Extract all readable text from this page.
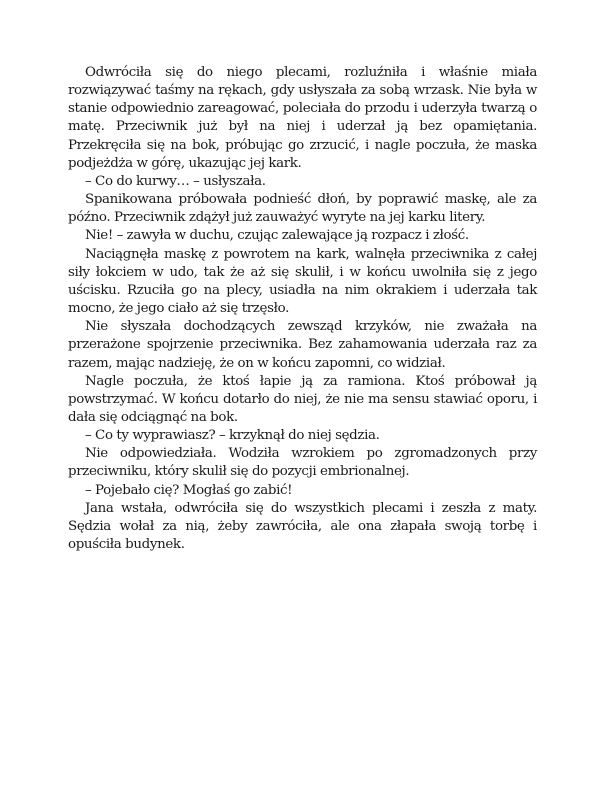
Odwróciła się do niego plecami, rozluźniła i właśnie miała rozwiązywać taśmy na rękach, gdy usłyszała za sobą wrzask. Nie była w stanie odpowiednio zareagować, poleciała do przodu i uderzyła twarzą o matę. Przeciwnik już był na niej i uderzał ją bez opamiętania. Przekręciła się na bok, próbując go zrzucić, i nagle poczuła, że maska podjeżdża w górę, ukazując jej kark.

– Co do kurwy… – usłyszała.

Spanikowana próbowała podnieść dłoń, by poprawić maskę, ale za późno. Przeciwnik zdążył już zauważyć wyryte na jej karku litery.

Nie! – zawyła w duchu, czując zalewające ją rozpacz i złość.

Naciągnęła maskę z powrotem na kark, walnęła przeciwnika z całej siły łokciem w udo, tak że aż się skulił, i w końcu uwolniła się z jego uścisku. Rzuciła go na plecy, usiadła na nim okrakiem i uderzała tak mocno, że jego ciało aż się trzęsło.

Nie słyszała dochodzących zewsząd krzyków, nie zważała na przerażone spojrzenie przeciwnika. Bez zahamowania uderzała raz za razem, mając nadzieję, że on w końcu zapomni, co widział.

Nagle poczuła, że ktoś łapie ją za ramiona. Ktoś próbował ją powstrzymać. W końcu dotarło do niej, że nie ma sensu stawiać oporu, i dała się odciągnąć na bok.

– Co ty wyprawiasz? – krzyknął do niej sędzia.

Nie odpowiedziała. Wodziła wzrokiem po zgromadzonych przy przeciwniku, który skulił się do pozycji embrionalnej.

– Pojebało cię? Mogłaś go zabić!

Jana wstała, odwróciła się do wszystkich plecami i zeszła z maty. Sędzia wołał za nią, żeby zawróciła, ale ona złapała swoją torbę i opuściła budynek.
